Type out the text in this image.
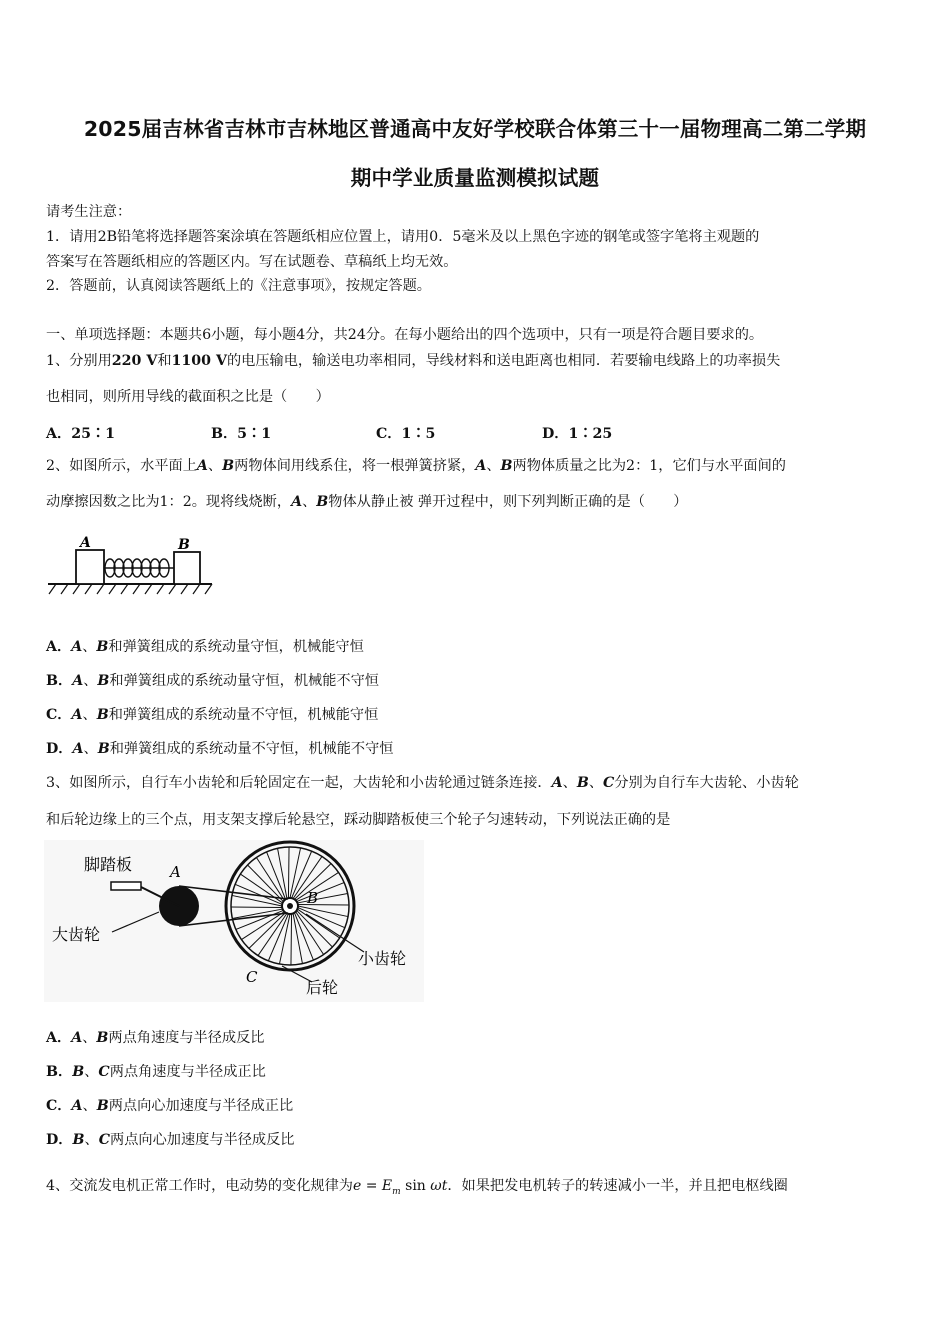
2025届吉林省吉林市吉林地区普通高中友好学校联合体第三十一届物理高二第二学期
期中学业质量监测模拟试题
请考生注意：
1．请用2B铅笔将选择题答案涂填在答题纸相应位置上，请用0．5毫米及以上黑色字迹的钢笔或签字笔将主观题的
答案写在答题纸相应的答题区内。写在试题卷、草稿纸上均无效。
2．答题前，认真阅读答题纸上的《注意事项》，按规定答题。
一、单项选择题：本题共6小题，每小题4分，共24分。在每小题给出的四个选项中，只有一项是符合题目要求的。
1、分别用220 V和1100 V的电压输电，输送电功率相同，导线材料和送电距离也相同．若要输电线路上的功率损失
也相同，则所用导线的截面积之比是（　　）
A．25∶1	B．5∶1	C．1∶5	D．1∶25
2、如图所示，水平面上A、B两物体间用线系住，将一根弹簧挤紧，A、B两物体质量之比为2：1，它们与水平面间的
动摩擦因数之比为1：2。现将线烧断，A、B物体从静止被 弹开过程中，则下列判断正确的是（　　）
A	B
A．A、B和弹簧组成的系统动量守恒，机械能守恒
B．A、B和弹簧组成的系统动量守恒，机械能不守恒
C．A、B和弹簧组成的系统动量不守恒，机械能守恒
D．A、B和弹簧组成的系统动量不守恒，机械能不守恒
3、如图所示，自行车小齿轮和后轮固定在一起，大齿轮和小齿轮通过链条连接．A、B、C分别为自行车大齿轮、小齿轮
和后轮边缘上的三个点，用支架支撑后轮悬空，踩动脚踏板使三个轮子匀速转动，下列说法正确的是
脚踏板	A
大齿轮
B
小齿轮
C
后轮
A．A、B两点角速度与半径成反比
B．B、C两点角速度与半径成正比
C．A、B两点向心加速度与半径成正比
D．B、C两点向心加速度与半径成反比
4、交流发电机正常工作时，电动势的变化规律为$e = E_m$ sin ωt．如果把发电机转子的转速减小一半，并且把电枢线圈
